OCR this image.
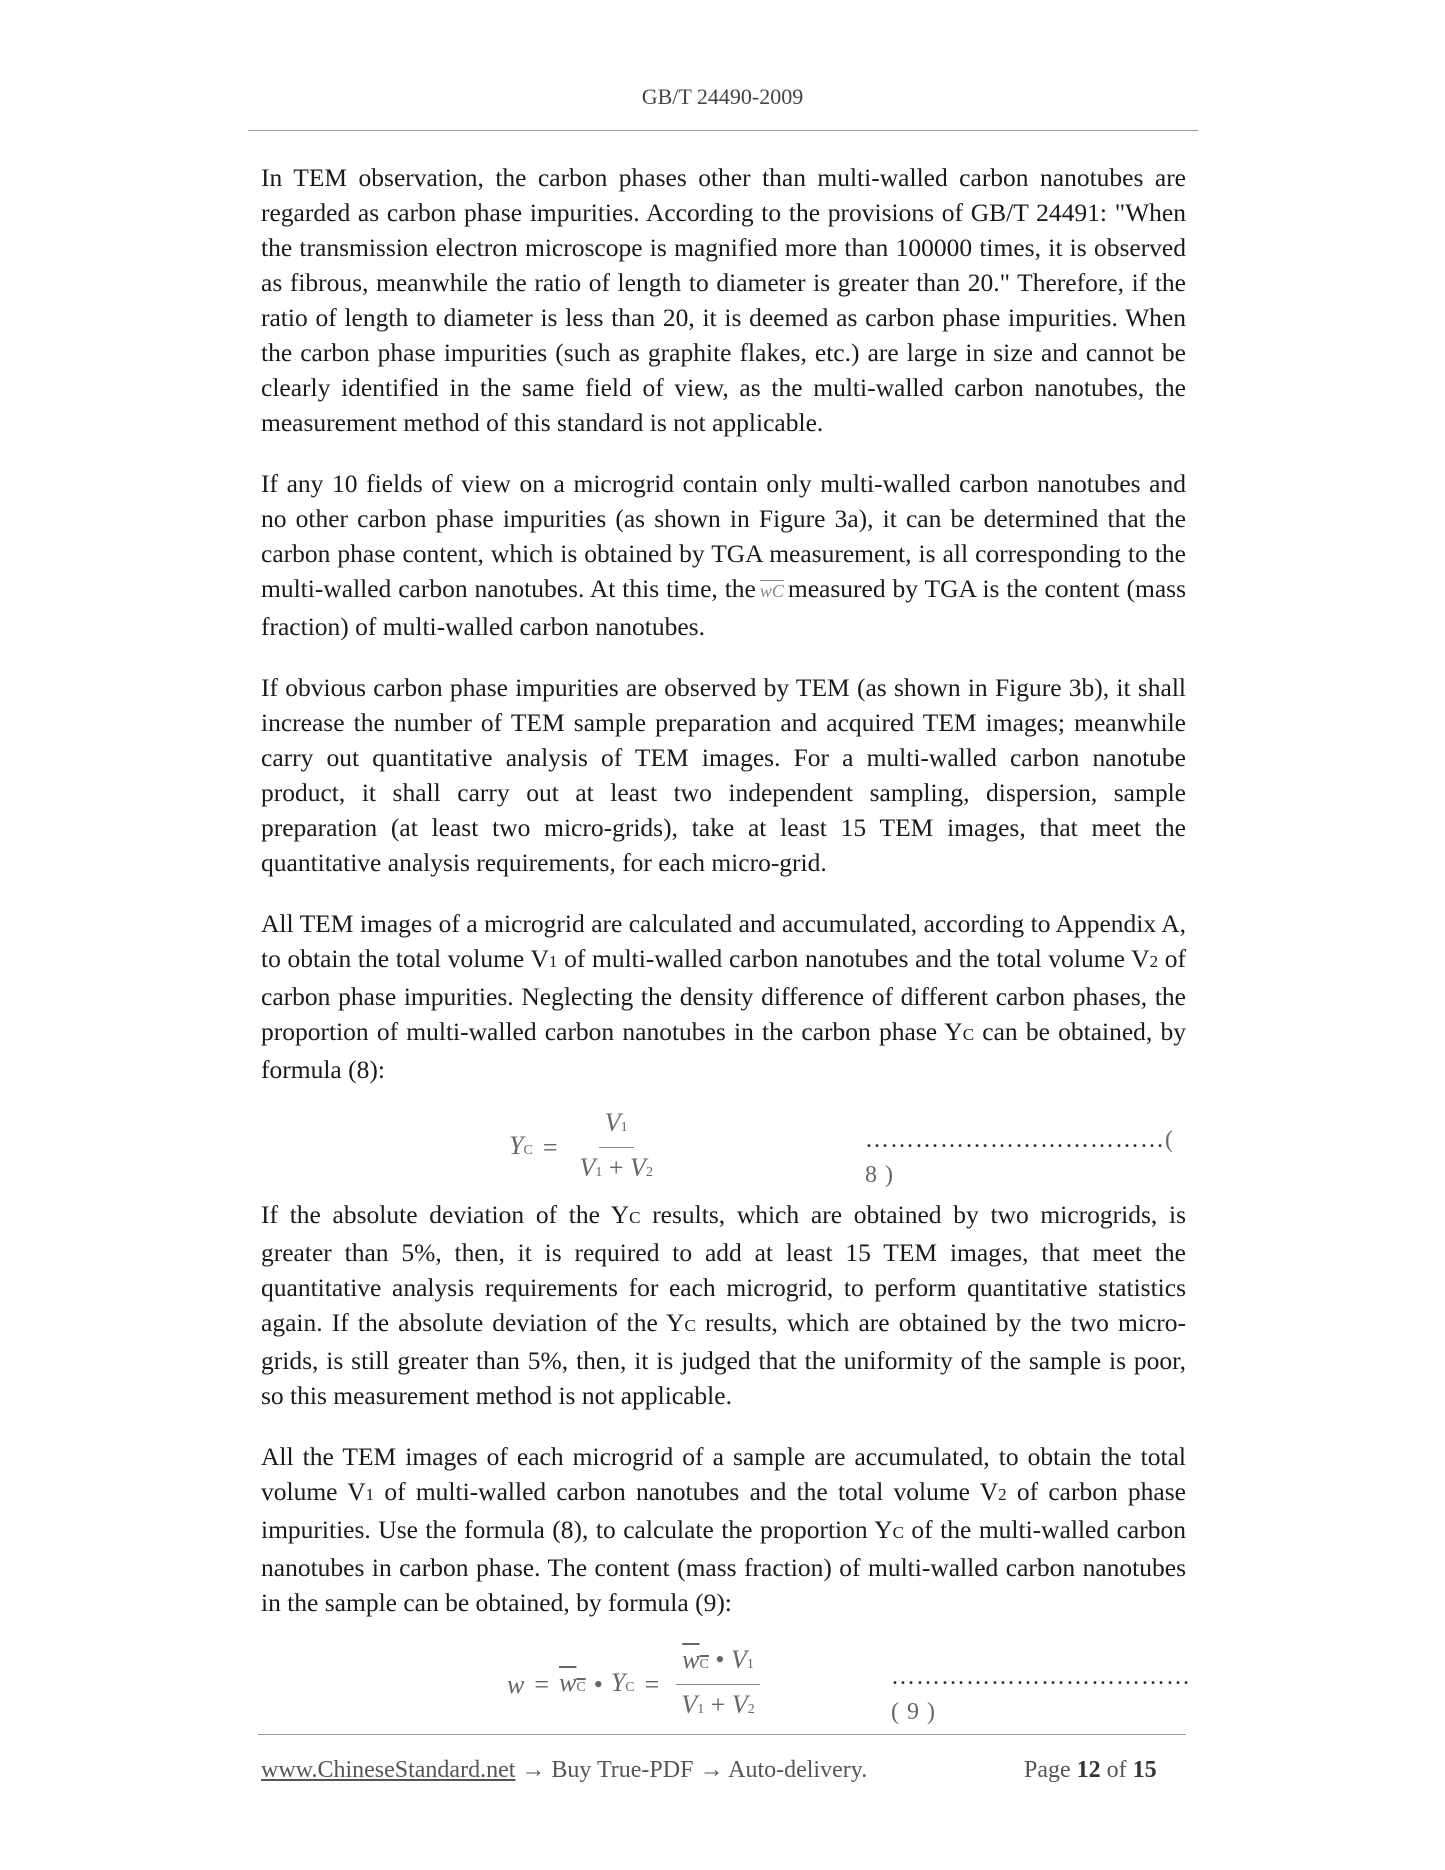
GB/T 24490-2009

In TEM observation, the carbon phases other than multi-walled carbon nanotubes are regarded as carbon phase impurities. According to the provisions of GB/T 24491: "When the transmission electron microscope is magnified more than 100000 times, it is observed as fibrous, meanwhile the ratio of length to diameter is greater than 20." Therefore, if the ratio of length to diameter is less than 20, it is deemed as carbon phase impurities. When the carbon phase impurities (such as graphite flakes, etc.) are large in size and cannot be clearly identified in the same field of view, as the multi-walled carbon nanotubes, the measurement method of this standard is not applicable.

If any 10 fields of view on a microgrid contain only multi-walled carbon nanotubes and no other carbon phase impurities (as shown in Figure 3a), it can be determined that the carbon phase content, which is obtained by TGA measurement, is all corresponding to the multi-walled carbon nanotubes. At this time, the $\overline{wC}$ measured by TGA is the content (mass fraction) of multi-walled carbon nanotubes.

If obvious carbon phase impurities are observed by TEM (as shown in Figure 3b), it shall increase the number of TEM sample preparation and acquired TEM images; meanwhile carry out quantitative analysis of TEM images. For a multi-walled carbon nanotube product, it shall carry out at least two independent sampling, dispersion, sample preparation (at least two micro-grids), take at least 15 TEM images, that meet the quantitative analysis requirements, for each micro-grid.

All TEM images of a microgrid are calculated and accumulated, according to Appendix A, to obtain the total volume V1 of multi-walled carbon nanotubes and the total volume V2 of carbon phase impurities. Neglecting the density difference of different carbon phases, the proportion of multi-walled carbon nanotubes in the carbon phase YC can be obtained, by formula (8):

YC = $\frac{V1}{V1 + V2}$	………………………………( 8 )

If the absolute deviation of the YC results, which are obtained by two microgrids, is greater than 5%, then, it is required to add at least 15 TEM images, that meet the quantitative analysis requirements for each microgrid, to perform quantitative statistics again. If the absolute deviation of the YC results, which are obtained by the two micro-grids, is still greater than 5%, then, it is judged that the uniformity of the sample is poor, so this measurement method is not applicable.

All the TEM images of each microgrid of a sample are accumulated, to obtain the total volume V1 of multi-walled carbon nanotubes and the total volume V2 of carbon phase impurities. Use the formula (8), to calculate the proportion YC of the multi-walled carbon nanotubes in carbon phase. The content (mass fraction) of multi-walled carbon nanotubes in the sample can be obtained, by formula (9):

w = wC • YC = $\frac{wC • V1}{V1 + V2}$	………………………………( 9 )
www.ChineseStandard.net → Buy True-PDF → Auto-delivery.	Page 12 of 15
